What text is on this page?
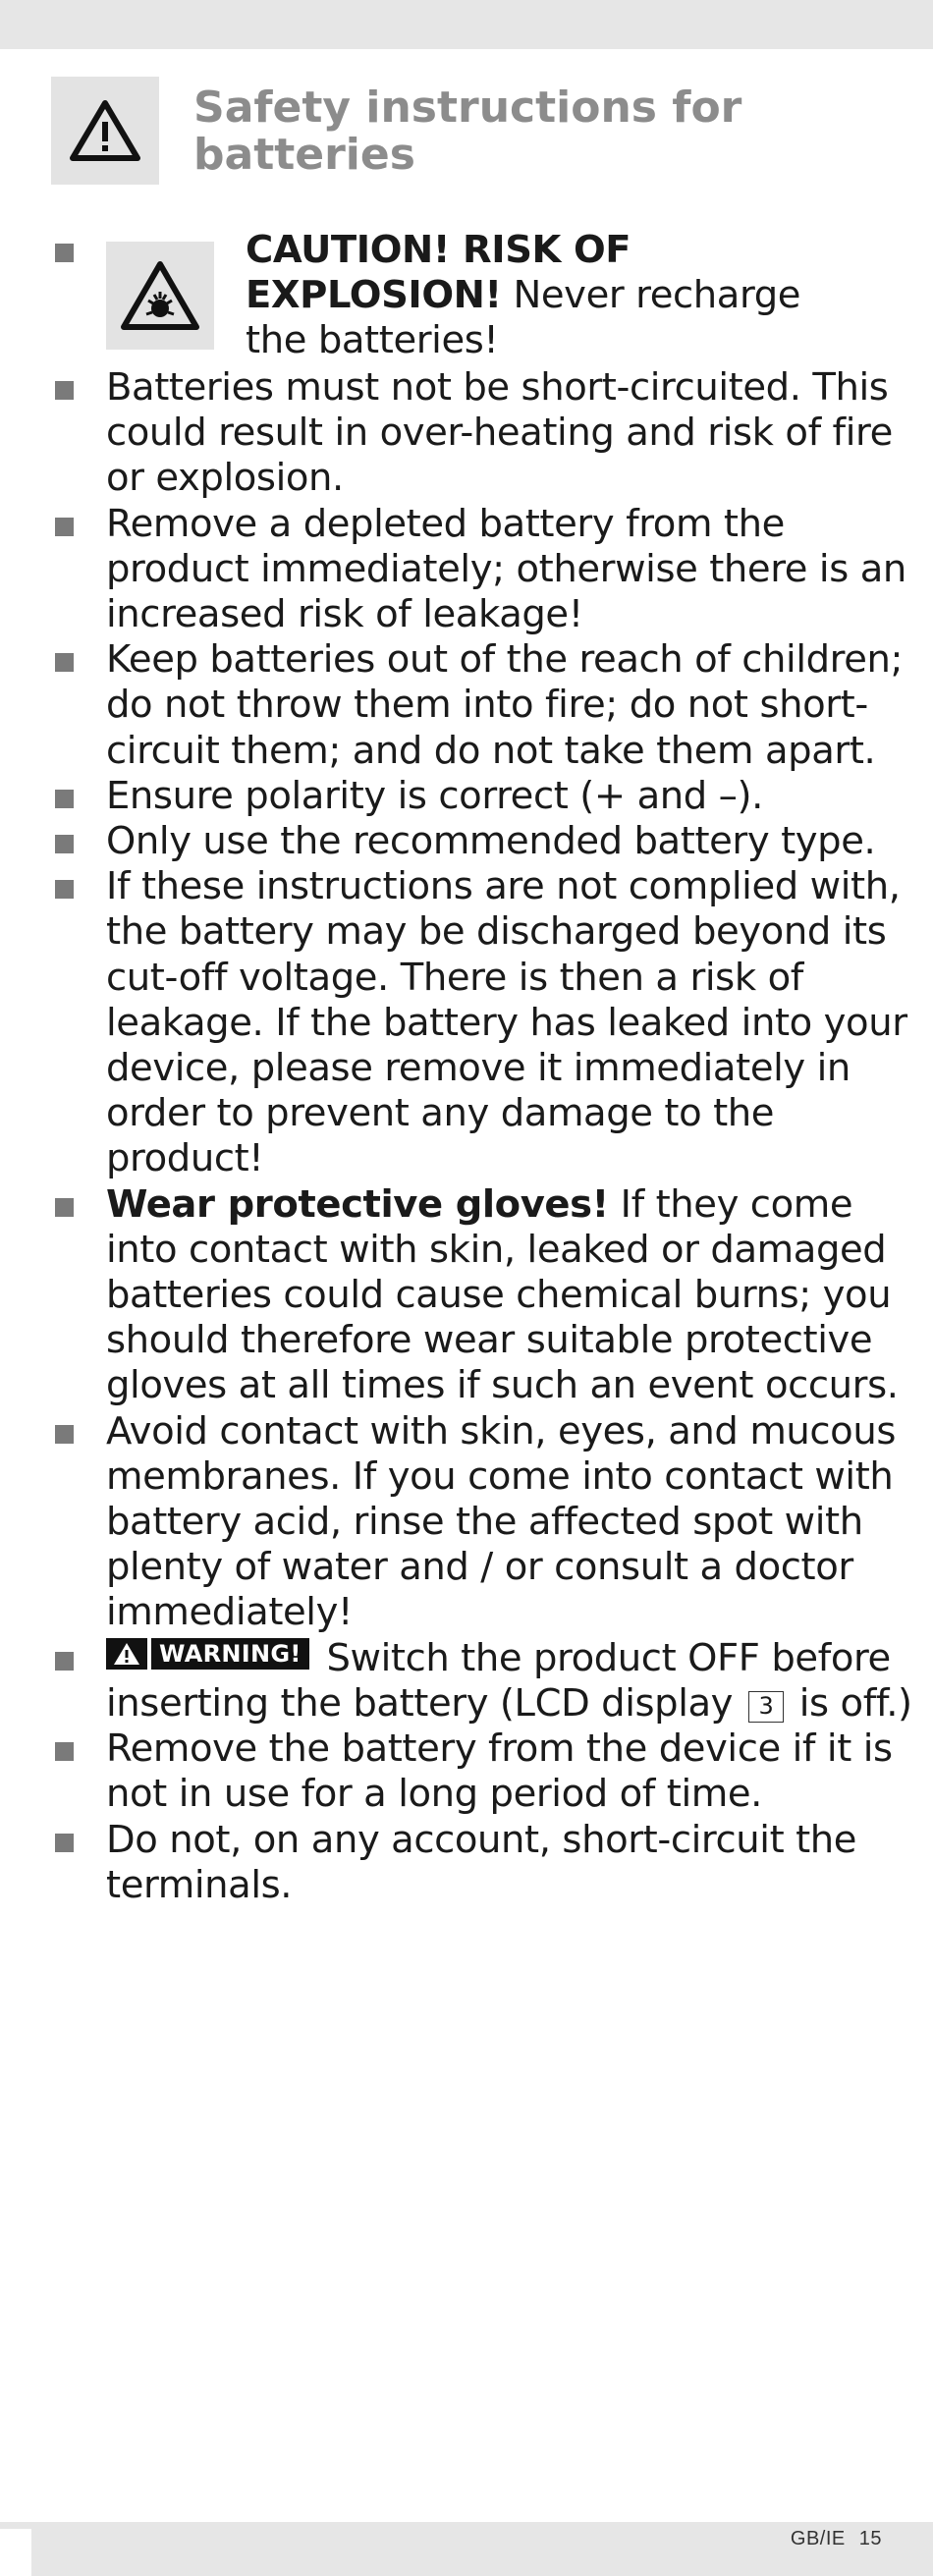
Safety instructions for
batteries
CAUTION! RISK OF
EXPLOSION! Never recharge
the batteries!
Batteries must not be short-circuited. This could result in over-heating and risk of fire or explosion.
Remove a depleted battery from the product immediately; otherwise there is an increased risk of leakage!
Keep batteries out of the reach of children; do not throw them into fire; do not short-circuit them; and do not take them apart.
Ensure polarity is correct (+ and –).
Only use the recommended battery type.
If these instructions are not complied with, the battery may be discharged beyond its cut-off voltage. There is then a risk of leakage. If the battery has leaked into your device, please remove it immediately in order to prevent any damage to the product!
Wear protective gloves! If they come into contact with skin, leaked or damaged batteries could cause chemical burns; you should therefore wear suitable protective gloves at all times if such an event occurs.
Avoid contact with skin, eyes, and mucous membranes. If you come into contact with battery acid, rinse the affected spot with plenty of water and / or consult a doctor immediately!
WARNING! Switch the product OFF before inserting the battery (LCD display 3 is off.)
Remove the battery from the device if it is not in use for a long period of time.
Do not, on any account, short-circuit the terminals.
GB/IE 15
